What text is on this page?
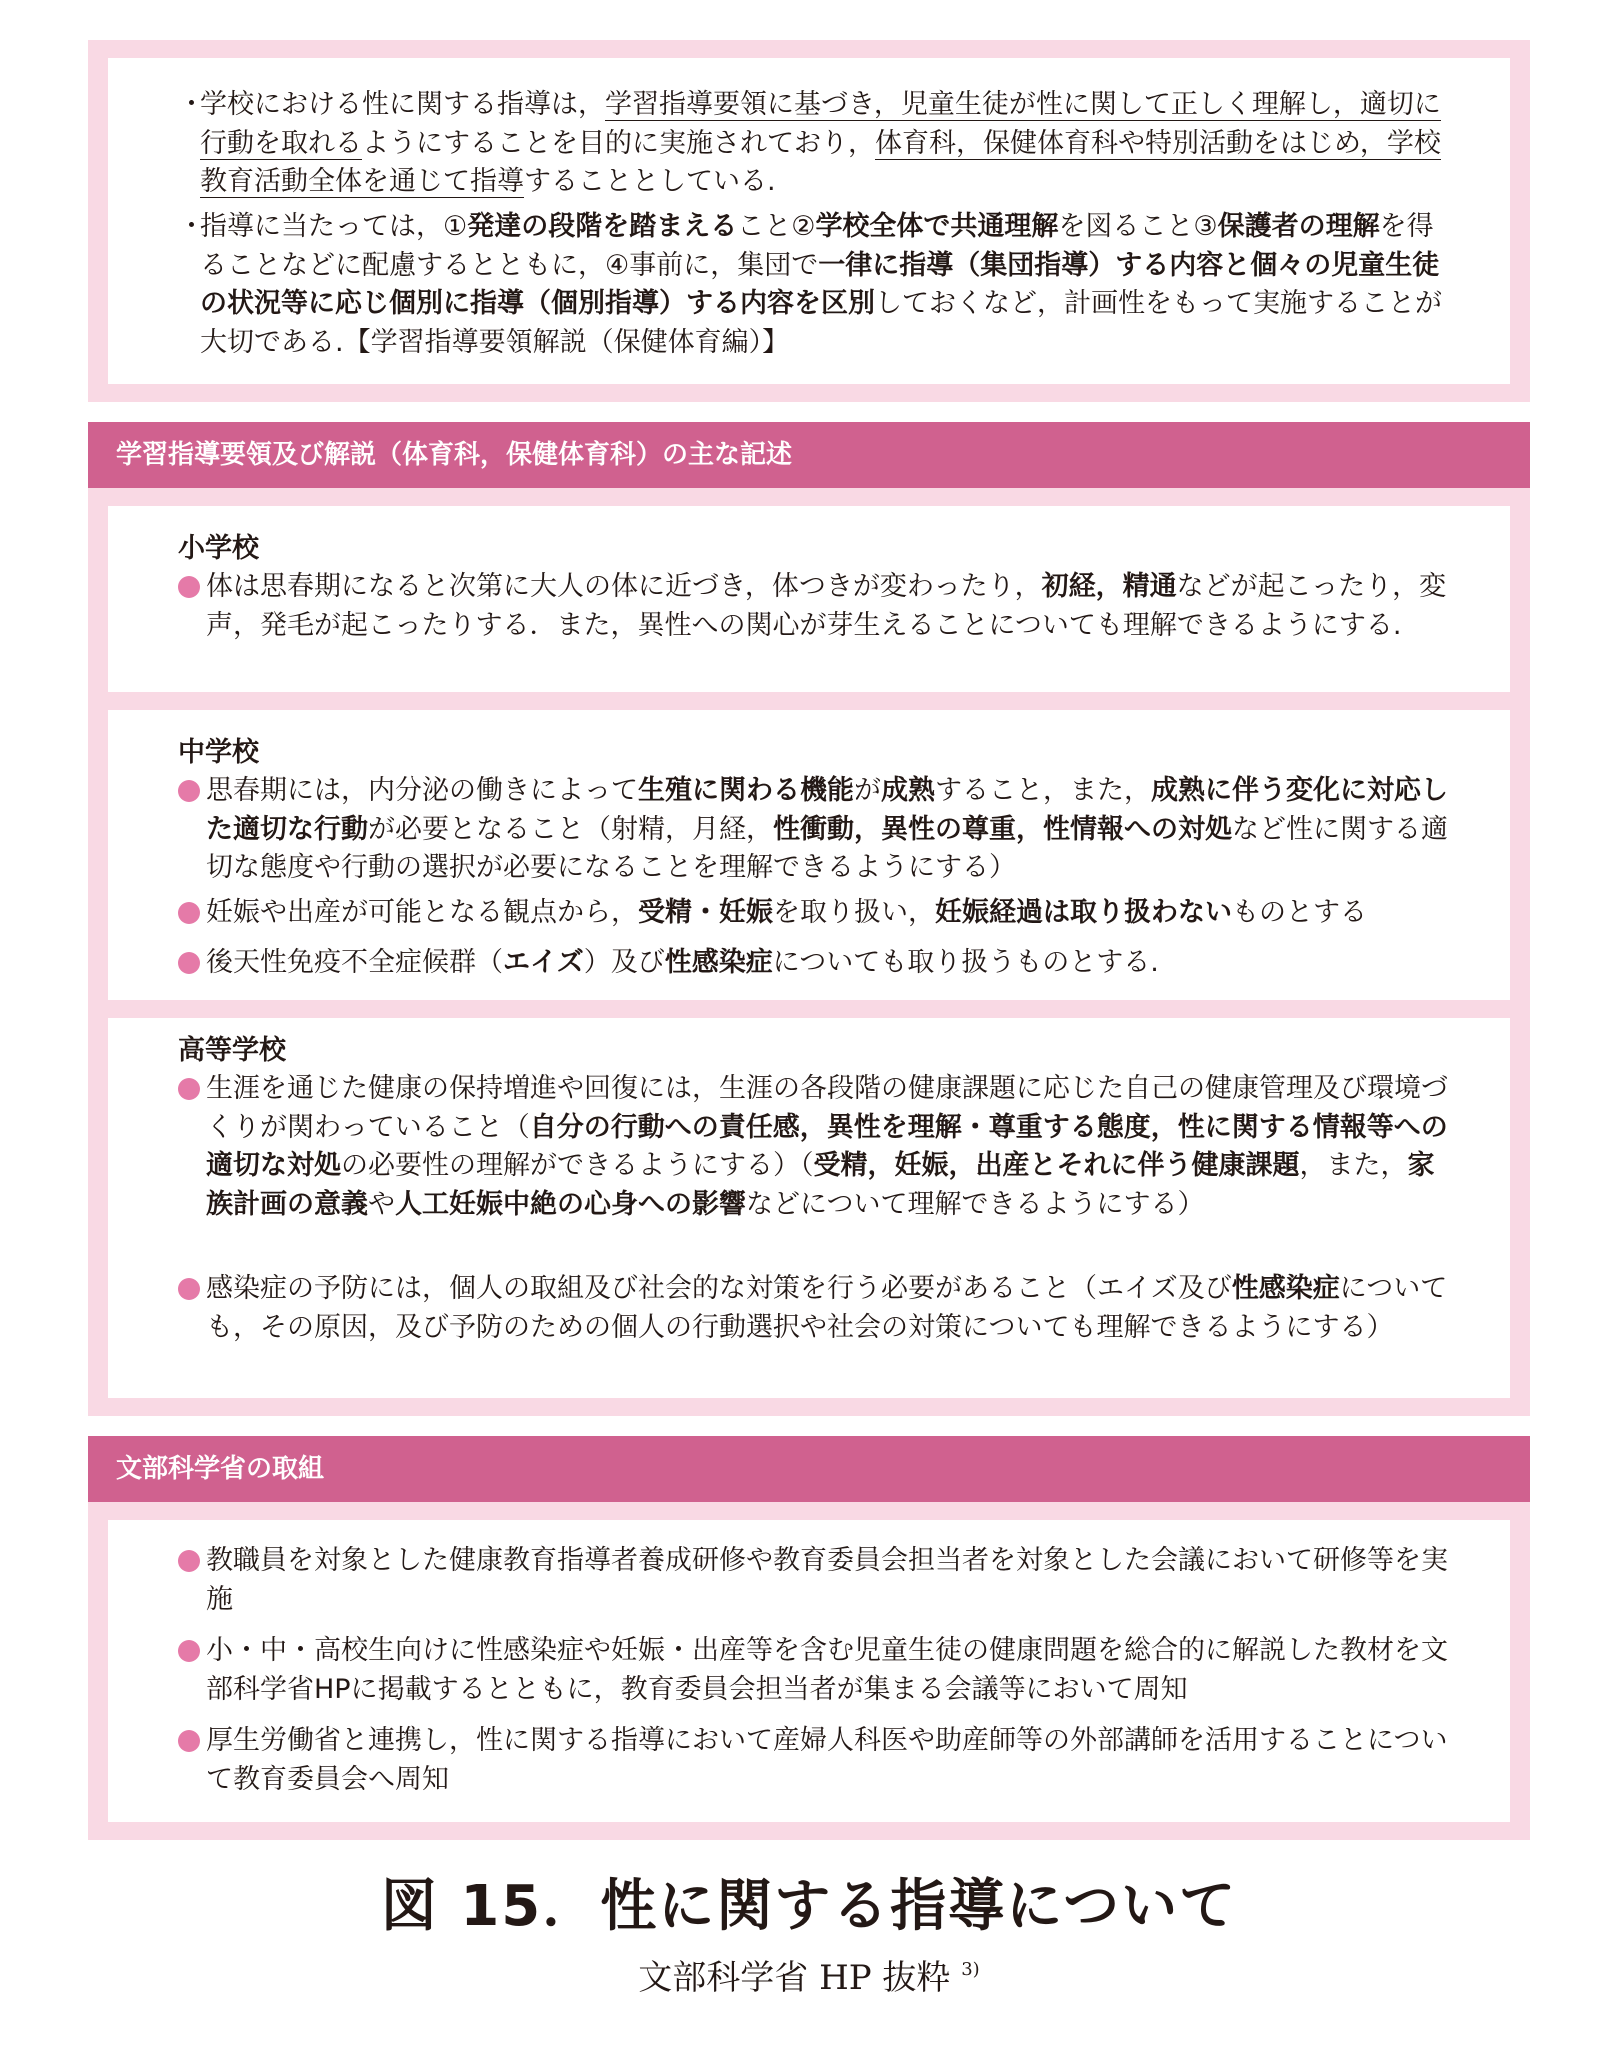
・
学校における性に関する指導は，学習指導要領に基づき，児童生徒が性に関して正しく理解し，適切に行動を取れるようにすることを目的に実施されており，体育科，保健体育科や特別活動をはじめ，学校教育活動全体を通じて指導することとしている.
・
指導に当たっては，①発達の段階を踏まえること②学校全体で共通理解を図ること③保護者の理解を得ることなどに配慮するとともに，④事前に，集団で一律に指導（集団指導）する内容と個々の児童生徒の状況等に応じ個別に指導（個別指導）する内容を区別しておくなど，計画性をもって実施することが大切である.【学習指導要領解説（保健体育編）】
学習指導要領及び解説（体育科，保健体育科）の主な記述
小学校
体は思春期になると次第に大人の体に近づき，体つきが変わったり，初経，精通などが起こったり，変声，発毛が起こったりする．また，異性への関心が芽生えることについても理解できるようにする.
中学校
思春期には，内分泌の働きによって生殖に関わる機能が成熟すること，また，成熟に伴う変化に対応した適切な行動が必要となること（射精，月経，性衝動，異性の尊重，性情報への対処など性に関する適切な態度や行動の選択が必要になることを理解できるようにする）
妊娠や出産が可能となる観点から，受精・妊娠を取り扱い，妊娠経過は取り扱わないものとする
後天性免疫不全症候群（エイズ）及び性感染症についても取り扱うものとする.
高等学校
生涯を通じた健康の保持増進や回復には，生涯の各段階の健康課題に応じた自己の健康管理及び環境づくりが関わっていること（自分の行動への責任感，異性を理解・尊重する態度，性に関する情報等への適切な対処の必要性の理解ができるようにする）（受精，妊娠，出産とそれに伴う健康課題，また，家族計画の意義や人工妊娠中絶の心身への影響などについて理解できるようにする）
感染症の予防には，個人の取組及び社会的な対策を行う必要があること（エイズ及び性感染症についても，その原因，及び予防のための個人の行動選択や社会の対策についても理解できるようにする）
文部科学省の取組
教職員を対象とした健康教育指導者養成研修や教育委員会担当者を対象とした会議において研修等を実施
小・中・高校生向けに性感染症や妊娠・出産等を含む児童生徒の健康問題を総合的に解説した教材を文部科学省HPに掲載するとともに，教育委員会担当者が集まる会議等において周知
厚生労働省と連携し，性に関する指導において産婦人科医や助産師等の外部講師を活用することについて教育委員会へ周知
図 15．性に関する指導について
文部科学省 HP 抜粋 $^{3)}$
